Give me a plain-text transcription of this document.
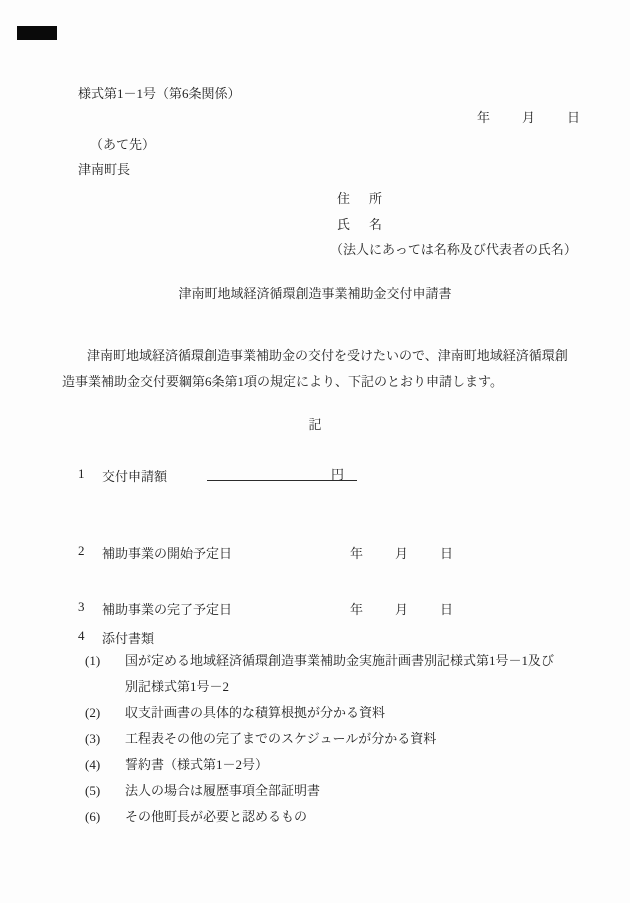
様式第1－1号（第6条関係）
年　　月　　日
（あて先）
津南町長
住　所
氏　名
（法人にあっては名称及び代表者の氏名）
津南町地域経済循環創造事業補助金交付申請書
津南町地域経済循環創造事業補助金の交付を受けたいので、津南町地域経済循環創造事業補助金交付要綱第6条第1項の規定により、下記のとおり申請します。
記
1 交付申請額	円
2 補助事業の開始予定日	年　　月　　日
3 補助事業の完了予定日	年　　月　　日
4 添付書類
(1)	国が定める地域経済循環創造事業補助金実施計画書別記様式第1号－1及び別記様式第1号－2
(2)	収支計画書の具体的な積算根拠が分かる資料
(3)	工程表その他の完了までのスケジュールが分かる資料
(4)	誓約書（様式第1－2号）
(5)	法人の場合は履歴事項全部証明書
(6)	その他町長が必要と認めるもの
